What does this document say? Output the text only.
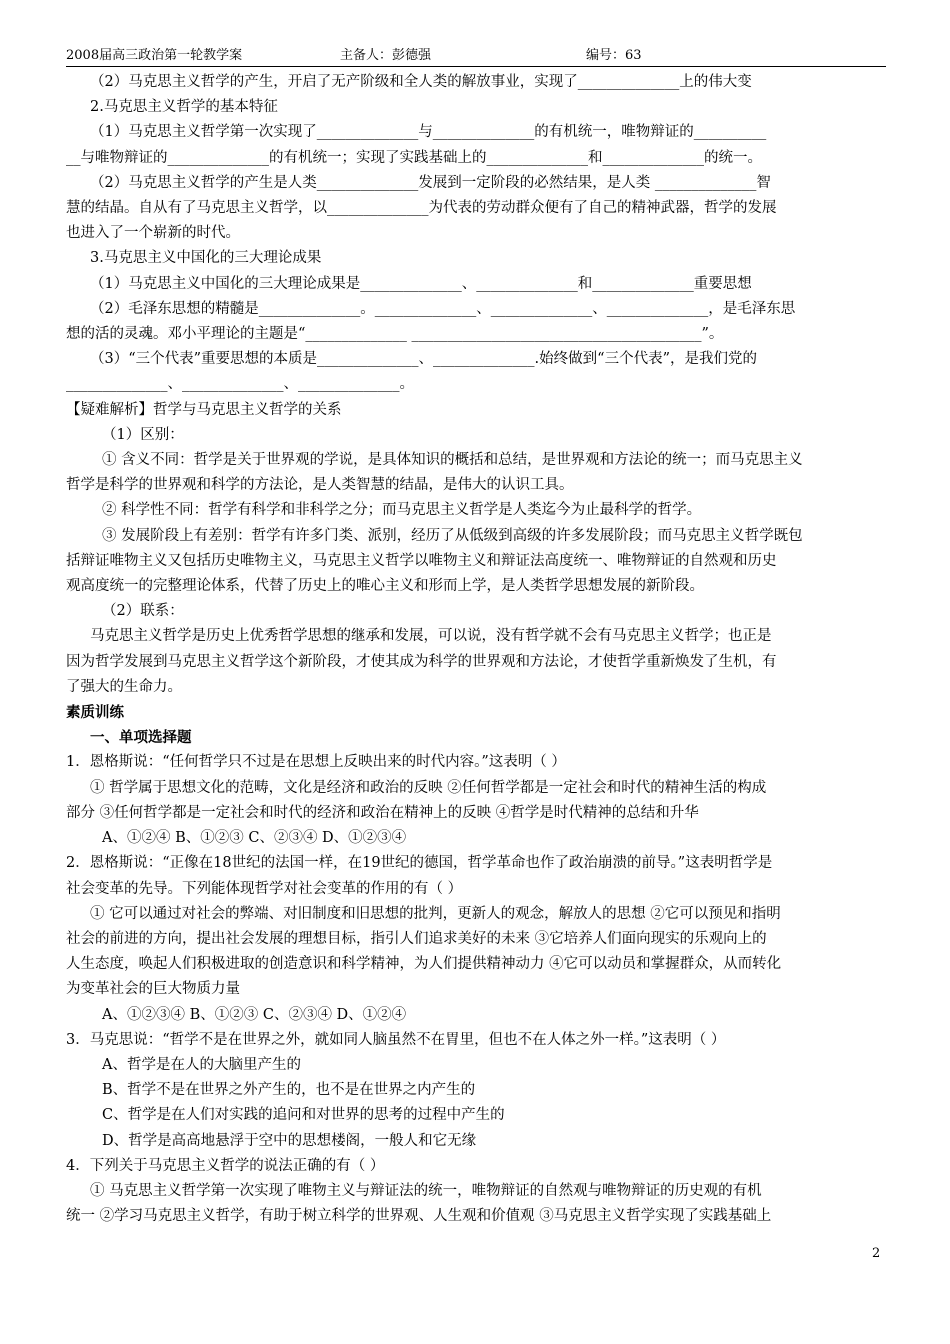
2008届高三政治第一轮教学案	主备人：彭德强	编号：63

（2）马克思主义哲学的产生，开启了无产阶级和全人类的解放事业，实现了______________上的伟大变

2.马克思主义哲学的基本特征

（1）马克思主义哲学第一次实现了______________与______________的有机统一，唯物辩证的__________

__与唯物辩证的______________的有机统一；实现了实践基础上的______________和______________的统一。

（2）马克思主义哲学的产生是人类______________发展到一定阶段的必然结果，是人类 ______________智

慧的结晶。自从有了马克思主义哲学，以______________为代表的劳动群众便有了自己的精神武器，哲学的发展

也进入了一个崭新的时代。

3.马克思主义中国化的三大理论成果

（1）马克思主义中国化的三大理论成果是______________、______________和______________重要思想

（2）毛泽东思想的精髓是______________。______________、______________、______________，是毛泽东思

想的活的灵魂。邓小平理论的主题是“______________ ________________________________________”。

（3）“三个代表”重要思想的本质是______________、______________.始终做到“三个代表”，是我们党的

______________、______________、______________。

【疑难解析】哲学与马克思主义哲学的关系

（1）区别：

① 含义不同：哲学是关于世界观的学说，是具体知识的概括和总结，是世界观和方法论的统一；而马克思主义

哲学是科学的世界观和科学的方法论，是人类智慧的结晶，是伟大的认识工具。

② 科学性不同：哲学有科学和非科学之分；而马克思主义哲学是人类迄今为止最科学的哲学。

③ 发展阶段上有差别：哲学有许多门类、派别，经历了从低级到高级的许多发展阶段；而马克思主义哲学既包

括辩证唯物主义又包括历史唯物主义，马克思主义哲学以唯物主义和辩证法高度统一、唯物辩证的自然观和历史

观高度统一的完整理论体系，代替了历史上的唯心主义和形而上学，是人类哲学思想发展的新阶段。

（2）联系：

马克思主义哲学是历史上优秀哲学思想的继承和发展，可以说，没有哲学就不会有马克思主义哲学；也正是

因为哲学发展到马克思主义哲学这个新阶段，才使其成为科学的世界观和方法论，才使哲学重新焕发了生机，有

了强大的生命力。

素质训练

一、单项选择题

1．恩格斯说：“任何哲学只不过是在思想上反映出来的时代内容。”这表明（ ）

① 哲学属于思想文化的范畴，文化是经济和政治的反映 ②任何哲学都是一定社会和时代的精神生活的构成

部分 ③任何哲学都是一定社会和时代的经济和政治在精神上的反映 ④哲学是时代精神的总结和升华

A、①②④ B、①②③ C、②③④ D、①②③④

2．恩格斯说：“正像在18世纪的法国一样，在19世纪的德国，哲学革命也作了政治崩溃的前导。”这表明哲学是

社会变革的先导。下列能体现哲学对社会变革的作用的有（ ）

① 它可以通过对社会的弊端、对旧制度和旧思想的批判，更新人的观念，解放人的思想 ②它可以预见和指明

社会的前进的方向，提出社会发展的理想目标，指引人们追求美好的未来 ③它培养人们面向现实的乐观向上的

人生态度，唤起人们积极进取的创造意识和科学精神，为人们提供精神动力 ④它可以动员和掌握群众，从而转化

为变革社会的巨大物质力量

A、①②③④ B、①②③ C、②③④ D、①②④

3．马克思说：“哲学不是在世界之外，就如同人脑虽然不在胃里，但也不在人体之外一样。”这表明（ ）

A、哲学是在人的大脑里产生的

B、哲学不是在世界之外产生的，也不是在世界之内产生的

C、哲学是在人们对实践的追问和对世界的思考的过程中产生的

D、哲学是高高地悬浮于空中的思想楼阁，一般人和它无缘

4．下列关于马克思主义哲学的说法正确的有（ ）

① 马克思主义哲学第一次实现了唯物主义与辩证法的统一，唯物辩证的自然观与唯物辩证的历史观的有机

统一 ②学习马克思主义哲学，有助于树立科学的世界观、人生观和价值观 ③马克思主义哲学实现了实践基础上

2
